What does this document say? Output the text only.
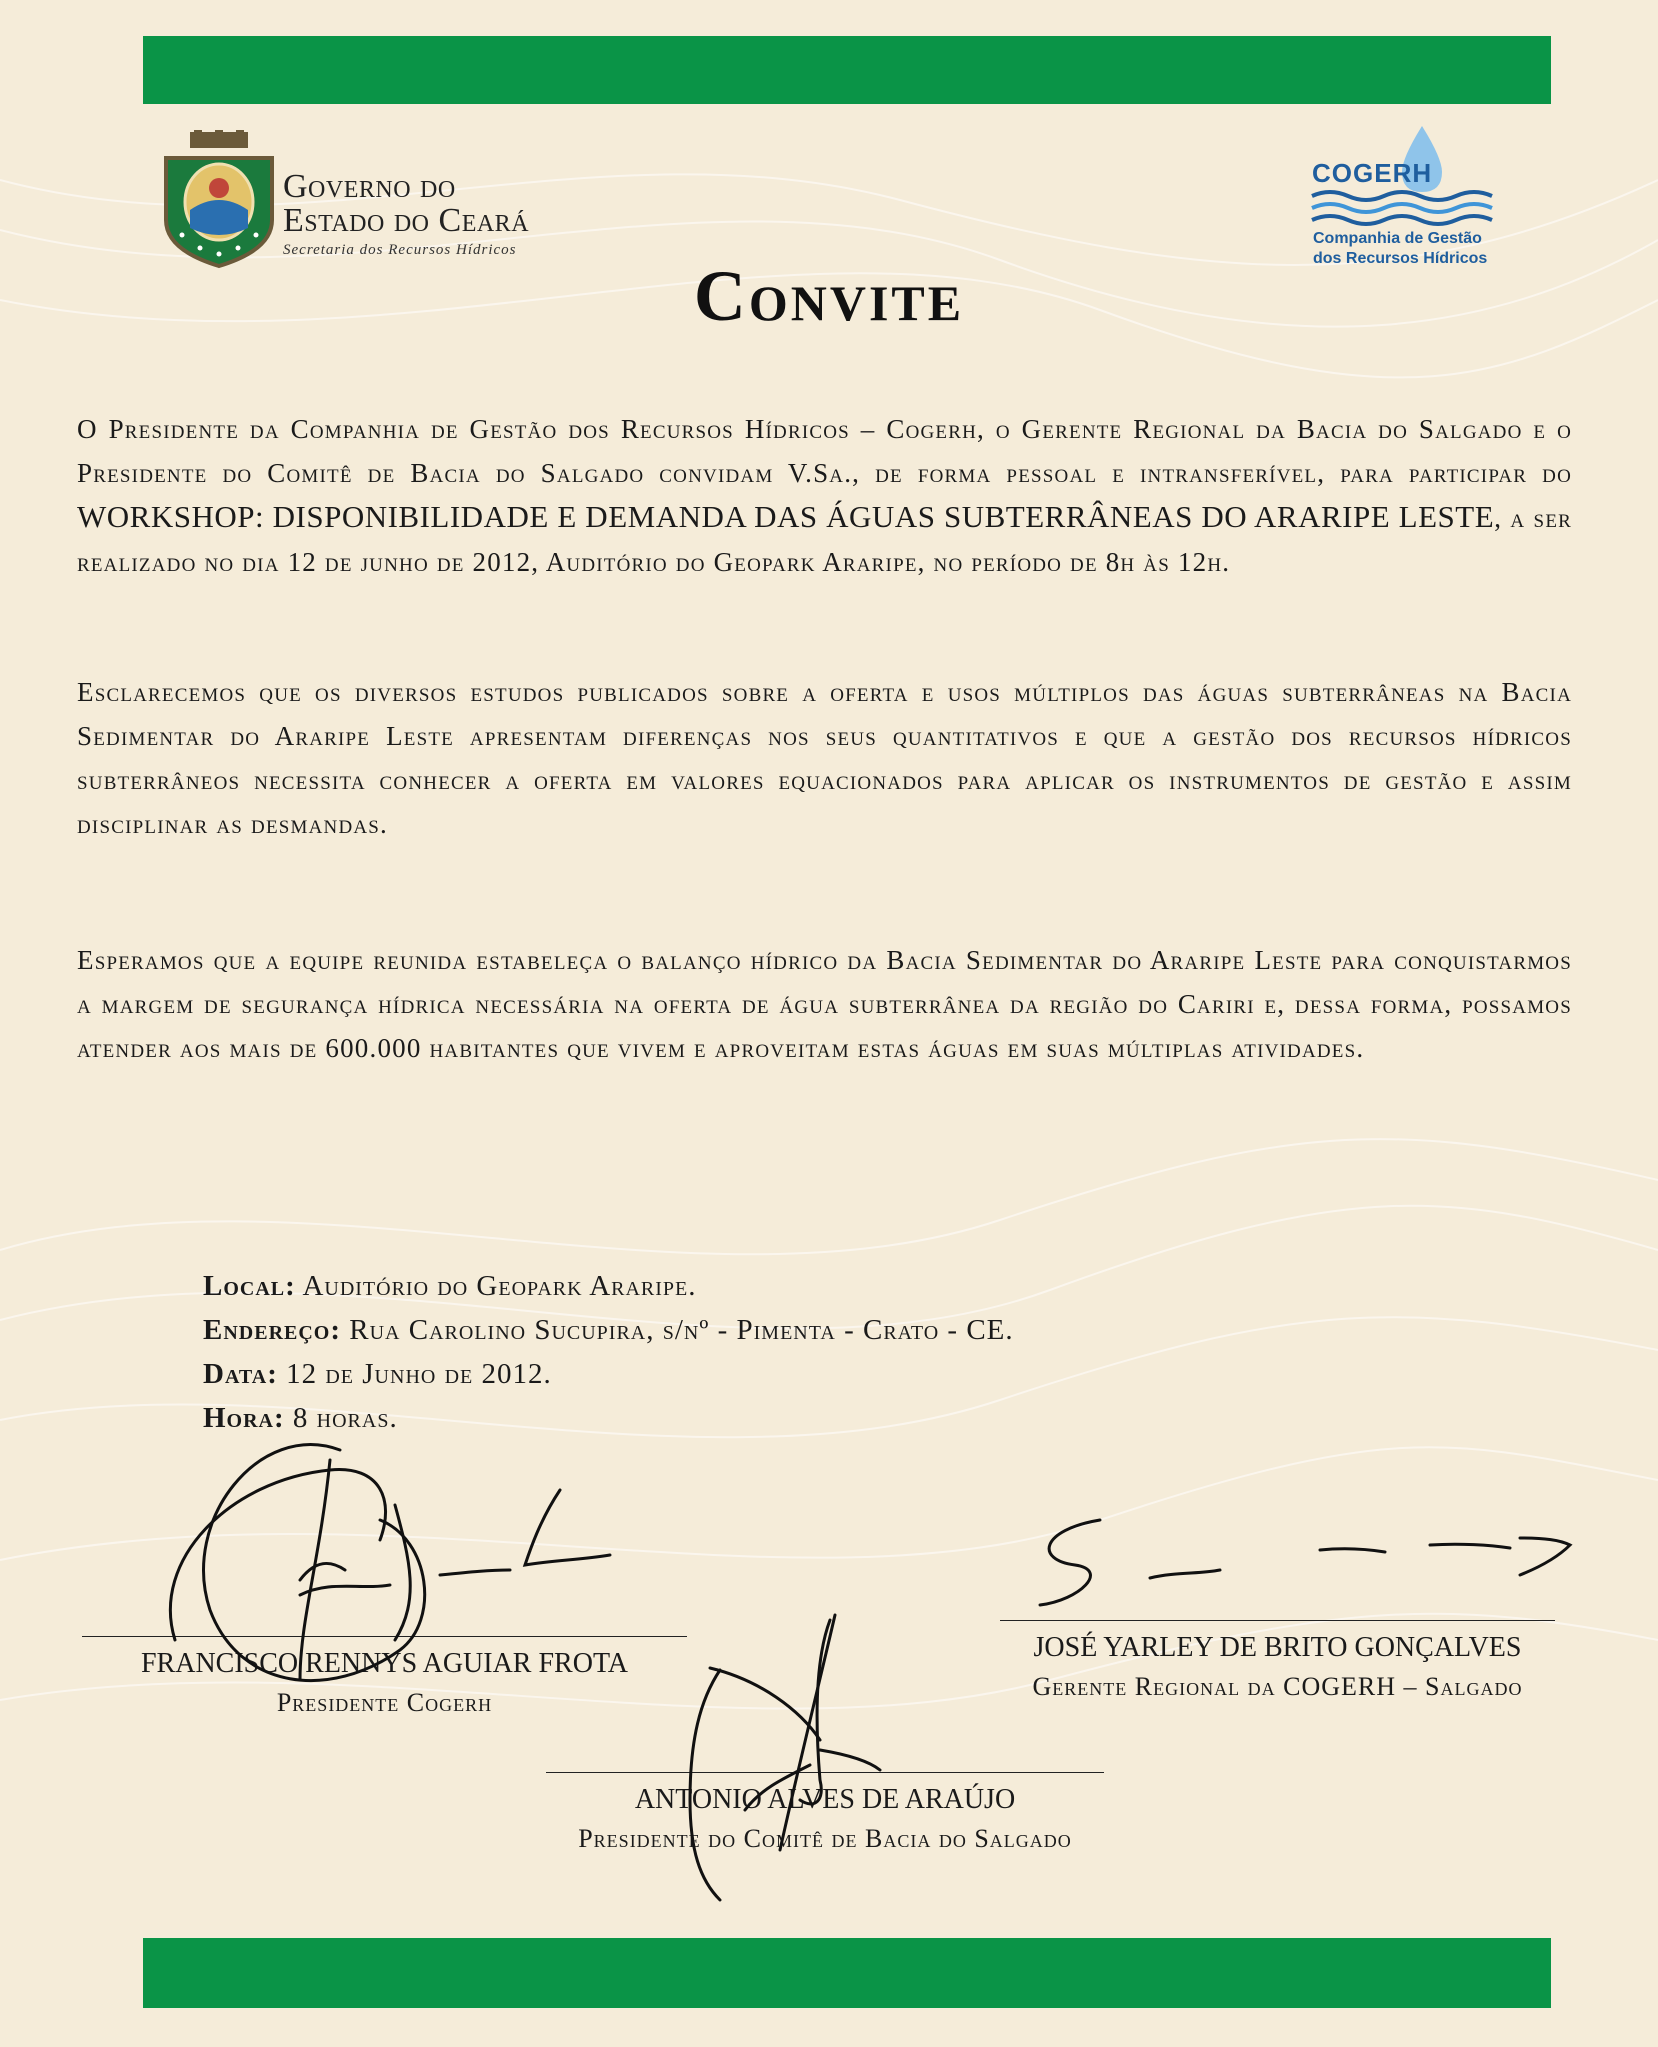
Governo do
Estado do Ceará
Secretaria dos Recursos Hídricos
COGERH
Companhia de Gestão
dos Recursos Hídricos
Convite
O Presidente da Companhia de Gestão dos Recursos Hídricos – Cogerh, o Gerente Regional da Bacia do Salgado e o Presidente do Comitê de Bacia do Salgado convidam V.Sa., de forma pessoal e intransferível, para participar do WORKSHOP: DISPONIBILIDADE E DEMANDA DAS ÁGUAS SUBTERRÂNEAS DO ARARIPE LESTE, a ser realizado no dia 12 de junho de 2012, Auditório do Geopark Araripe, no período de 8h às 12h.
Esclarecemos que os diversos estudos publicados sobre a oferta e usos múltiplos das águas subterrâneas na Bacia Sedimentar do Araripe Leste apresentam diferenças nos seus quantitativos e que a gestão dos recursos hídricos subterrâneos necessita conhecer a oferta em valores equacionados para aplicar os instrumentos de gestão e assim disciplinar as desmandas.
Esperamos que a equipe reunida estabeleça o balanço hídrico da Bacia Sedimentar do Araripe Leste para conquistarmos a margem de segurança hídrica necessária na oferta de água subterrânea da região do Cariri e, dessa forma, possamos atender aos mais de 600.000 habitantes que vivem e aproveitam estas águas em suas múltiplas atividades.
Local: Auditório do Geopark Araripe.
Endereço: Rua Carolino Sucupira, s/nº - Pimenta - Crato - CE.
Data: 12 de Junho de 2012.
Hora: 8 horas.
FRANCISCO RENNYS AGUIAR FROTA
Presidente Cogerh
JOSÉ YARLEY DE BRITO GONÇALVES
Gerente Regional da COGERH – Salgado
ANTONIO ALVES DE ARAÚJO
Presidente do Comitê de Bacia do Salgado
